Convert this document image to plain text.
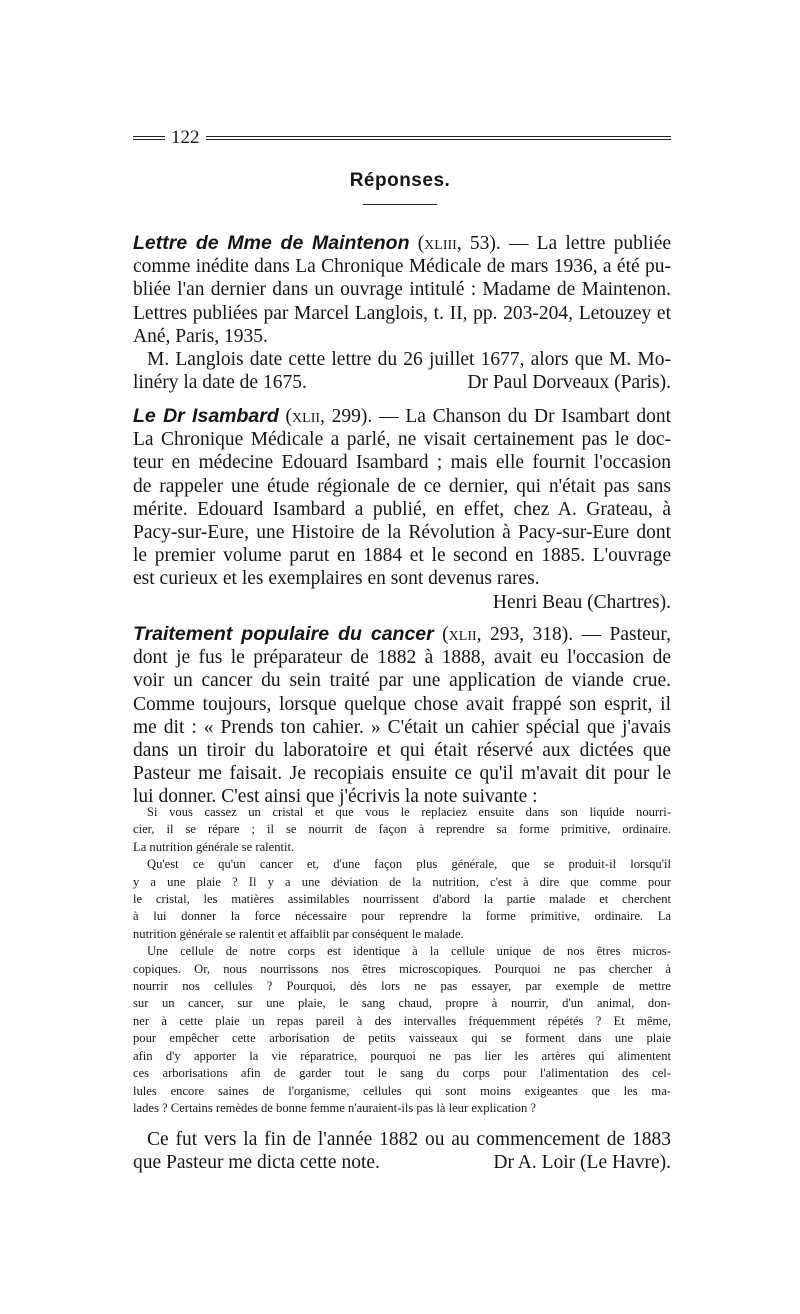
122
Réponses.
Lettre de Mme de Maintenon (xliii, 53). — La lettre publiée
comme inédite dans La Chronique Médicale de mars 1936, a été pu-
bliée l'an dernier dans un ouvrage intitulé : Madame de Maintenon.
Lettres publiées par Marcel Langlois, t. II, pp. 203-204, Letouzey et
Ané, Paris, 1935.
M. Langlois date cette lettre du 26 juillet 1677, alors que M. Mo-
linéry la date de 1675.	Dr Paul Dorveaux (Paris).
Le Dr Isambard (xlii, 299). — La Chanson du Dr Isambart dont
La Chronique Médicale a parlé, ne visait certainement pas le doc-
teur en médecine Edouard Isambard ; mais elle fournit l'occasion
de rappeler une étude régionale de ce dernier, qui n'était pas sans
mérite. Edouard Isambard a publié, en effet, chez A. Grateau, à
Pacy-sur-Eure, une Histoire de la Révolution à Pacy-sur-Eure dont
le premier volume parut en 1884 et le second en 1885. L'ouvrage
est curieux et les exemplaires en sont devenus rares.
Henri Beau (Chartres).
Traitement populaire du cancer (xlii, 293, 318). — Pasteur,
dont je fus le préparateur de 1882 à 1888, avait eu l'occasion de
voir un cancer du sein traité par une application de viande crue.
Comme toujours, lorsque quelque chose avait frappé son esprit, il
me dit : « Prends ton cahier. » C'était un cahier spécial que j'avais
dans un tiroir du laboratoire et qui était réservé aux dictées que
Pasteur me faisait. Je recopiais ensuite ce qu'il m'avait dit pour le
lui donner. C'est ainsi que j'écrivis la note suivante :
Si vous cassez un cristal et que vous le replaciez ensuite dans son liquide nourri-
cier, il se répare ; il se nourrit de façon à reprendre sa forme primitive, ordinaire.
La nutrition générale se ralentit.
Qu'est ce qu'un cancer et, d'une façon plus générale, que se produit-il lorsqu'il
y a une plaie ? Il y a une déviation de la nutrition, c'est à dire que comme pour
le cristal, les matières assimilables nourrissent d'abord la partie malade et cherchent
à lui donner la force nécessaire pour reprendre la forme primitive, ordinaire. La
nutrition générale se ralentit et affaiblit par conséquent le malade.
Une cellule de notre corps est identique à la cellule unique de nos êtres micros-
copiques. Or, nous nourrissons nos êtres microscopiques. Pourquoi ne pas chercher à
nourrir nos cellules ? Pourquoi, dès lors ne pas essayer, par exemple de mettre
sur un cancer, sur une plaie, le sang chaud, propre à nourrir, d'un animal, don-
ner à cette plaie un repas pareil à des intervalles fréquemment répétés ? Et même,
pour empêcher cette arborisation de petits vaisseaux qui se forment dans une plaie
afin d'y apporter la vie réparatrice, pourquoi ne pas lier les artères qui alimentent
ces arborisations afin de garder tout le sang du corps pour l'alimentation des cel-
lules encore saines de l'organisme, cellules qui sont moins exigeantes que les ma-
lades ? Certains remèdes de bonne femme n'auraient-ils pas là leur explication ?
Ce fut vers la fin de l'année 1882 ou au commencement de 1883
que Pasteur me dicta cette note.	Dr A. Loir (Le Havre).
